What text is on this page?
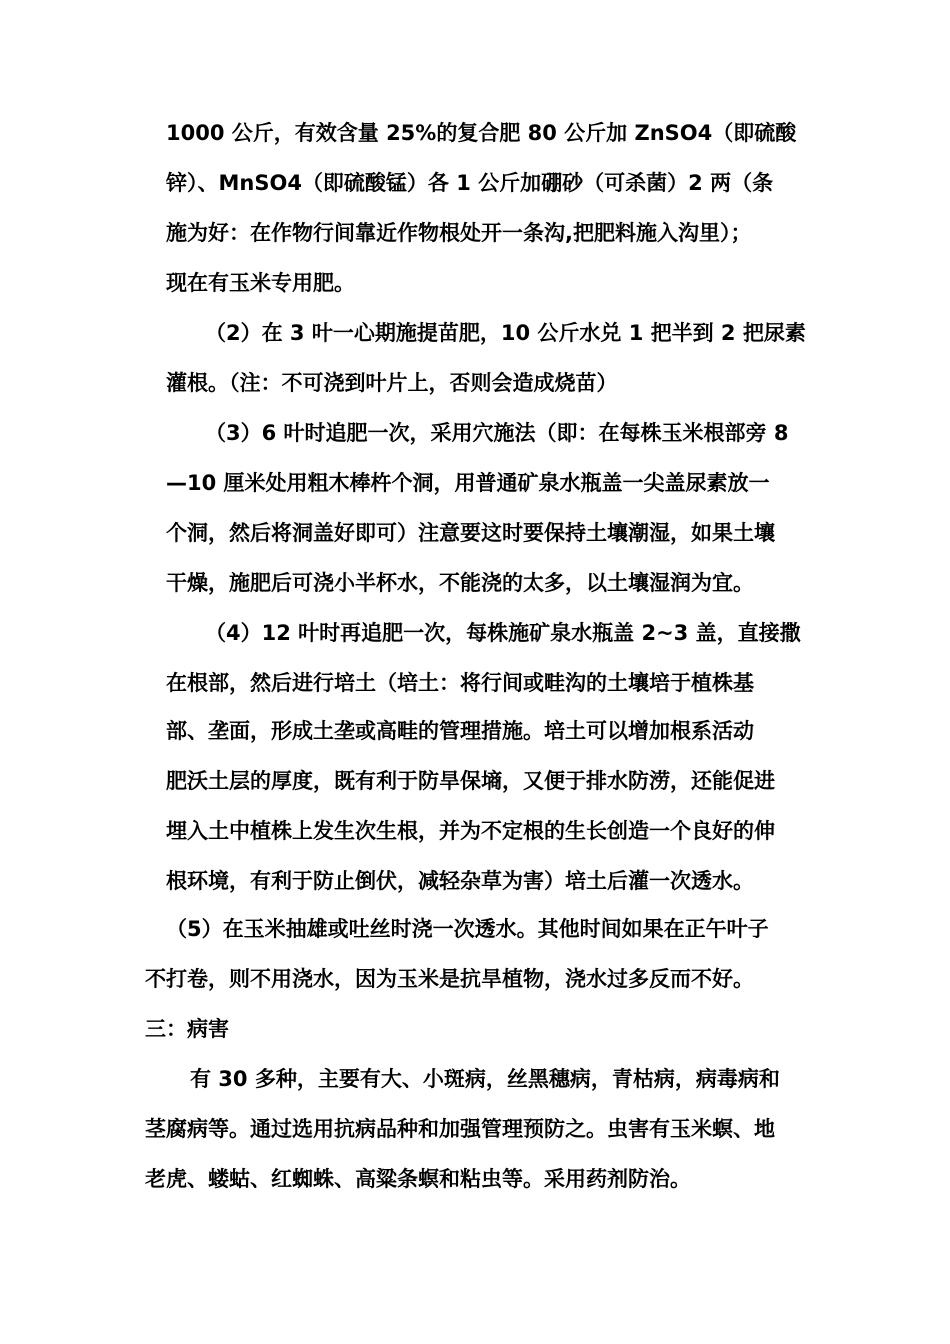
1000 公斤，有效含量 25%的复合肥 80 公斤加 ZnSO4（即硫酸
锌）、MnSO4（即硫酸锰）各 1 公斤加硼砂（可杀菌）2 两（条
施为好：在作物行间靠近作物根处开一条沟,把肥料施入沟里）；
现在有玉米专用肥。
（2）在 3 叶一心期施提苗肥，10 公斤水兑 1 把半到 2 把尿素
灌根。（注：不可浇到叶片上，否则会造成烧苗）
（3）6 叶时追肥一次，采用穴施法（即：在每株玉米根部旁 8
—10 厘米处用粗木棒杵个洞，用普通矿泉水瓶盖一尖盖尿素放一
个洞，然后将洞盖好即可）注意要这时要保持土壤潮湿，如果土壤
干燥，施肥后可浇小半杯水，不能浇的太多，以土壤湿润为宜。
（4）12 叶时再追肥一次，每株施矿泉水瓶盖 2~3 盖，直接撒
在根部，然后进行培土（培土：将行间或畦沟的土壤培于植株基
部、垄面，形成土垄或高畦的管理措施。培土可以增加根系活动
肥沃土层的厚度，既有利于防旱保墒，又便于排水防涝，还能促进
埋入土中植株上发生次生根，并为不定根的生长创造一个良好的伸
根环境，有利于防止倒伏，减轻杂草为害）培土后灌一次透水。
（5）在玉米抽雄或吐丝时浇一次透水。其他时间如果在正午叶子
不打卷，则不用浇水，因为玉米是抗旱植物，浇水过多反而不好。
三：病害
有 30 多种，主要有大、小斑病，丝黑穗病，青枯病，病毒病和
茎腐病等。通过选用抗病品种和加强管理预防之。虫害有玉米螟、地
老虎、蝼蛄、红蜘蛛、高粱条螟和粘虫等。采用药剂防治。
